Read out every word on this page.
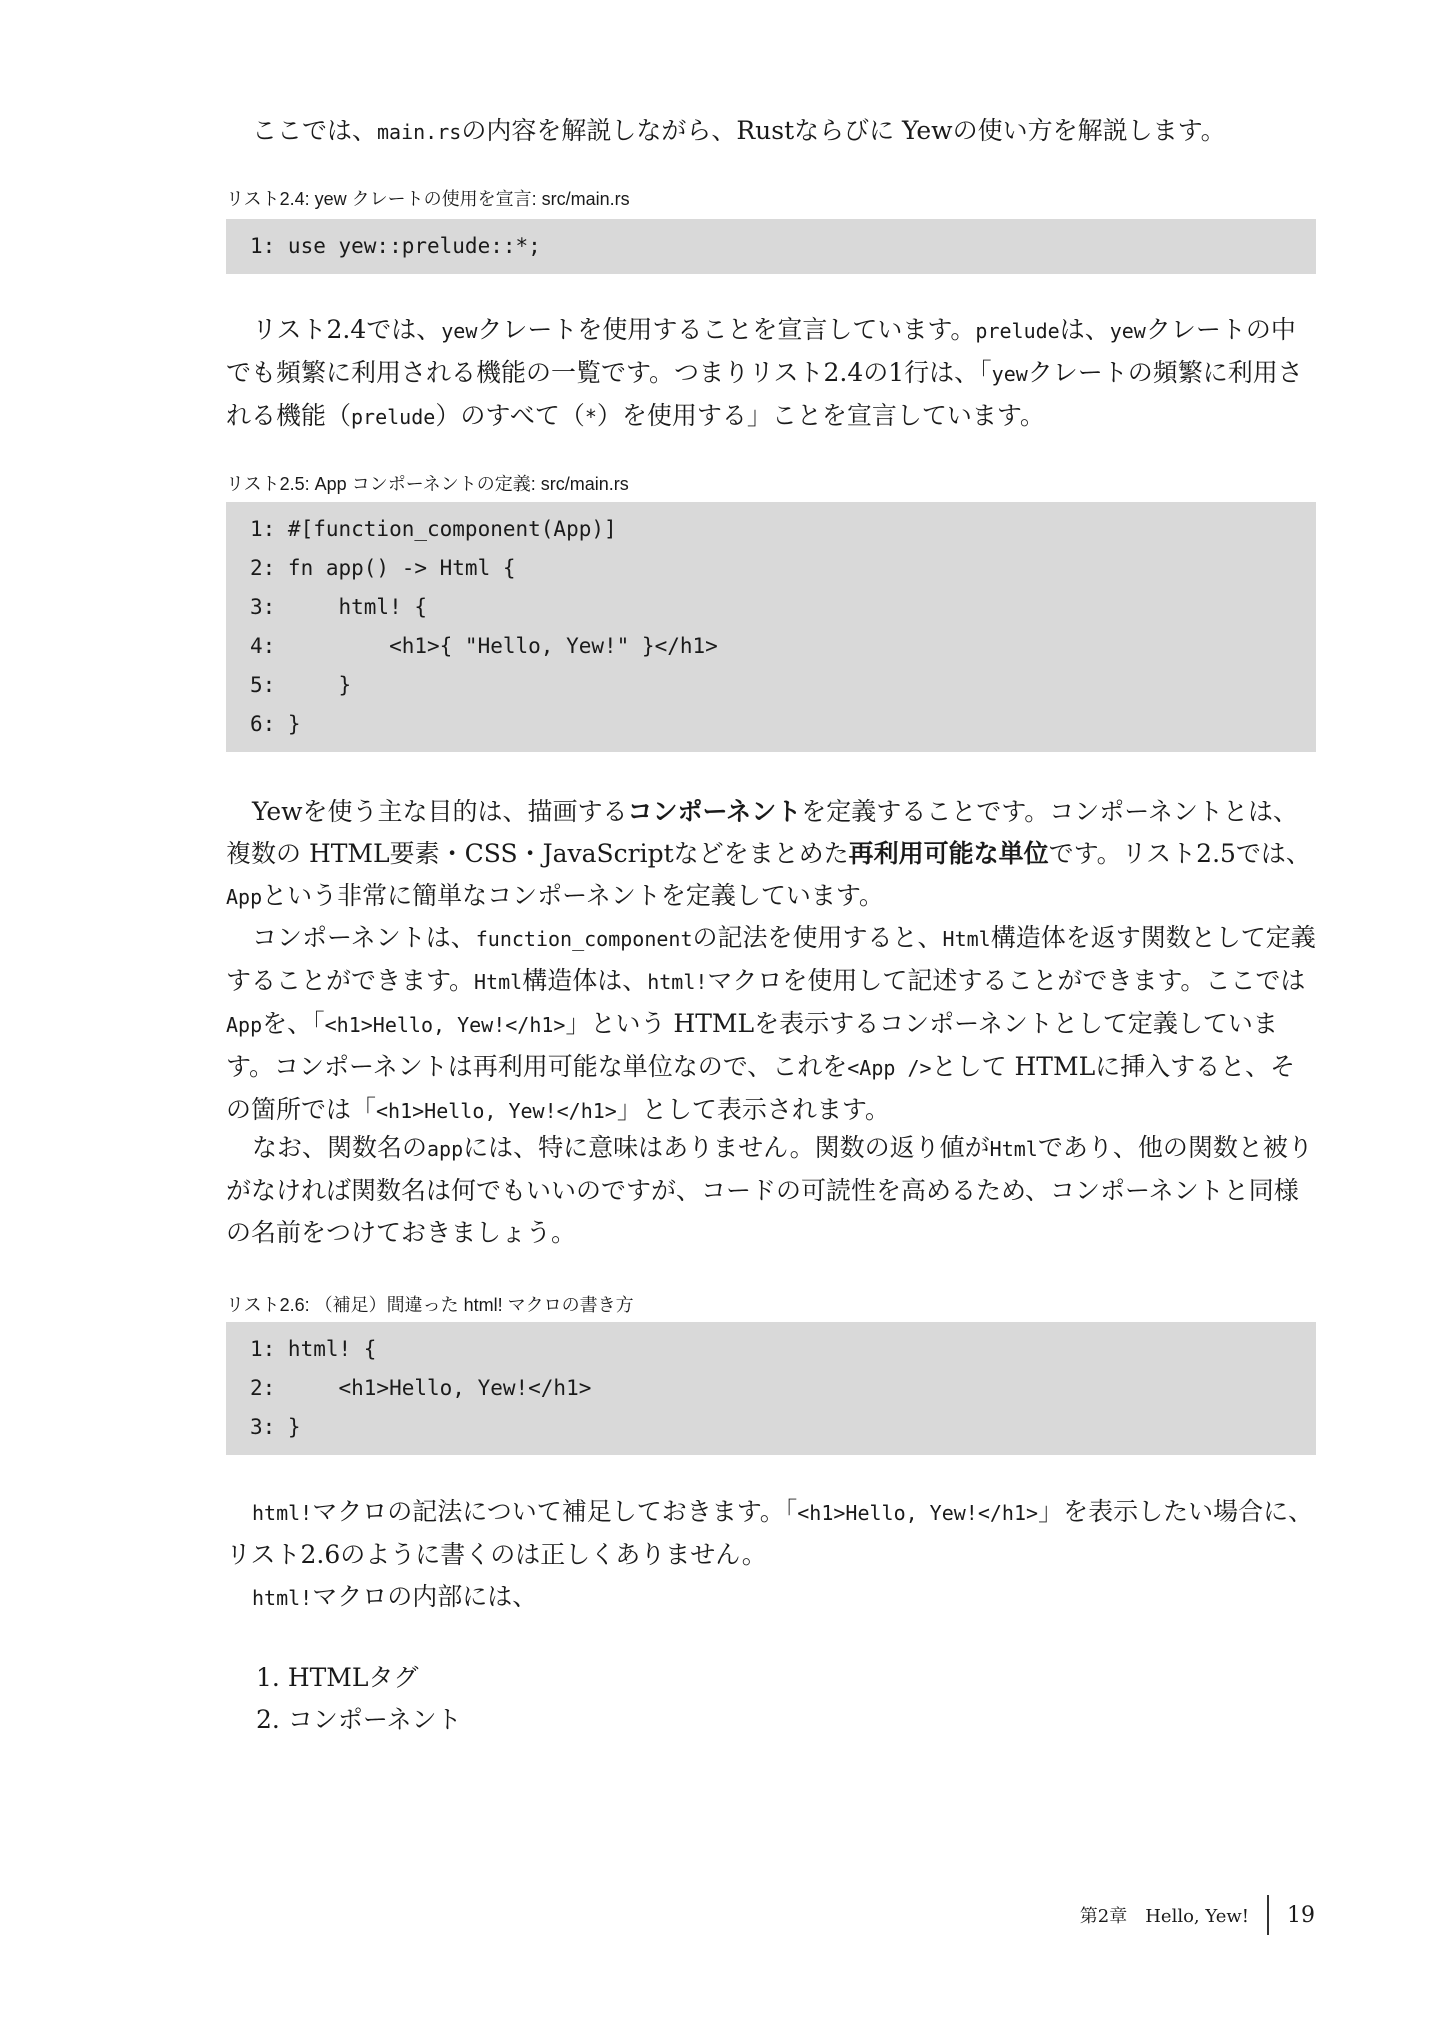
ここでは、main.rsの内容を解説しながら、Rustならびに Yewの使い方を解説します。

リスト2.4: yew クレートの使用を宣言: src/main.rs
1: use yew::prelude::*;

リスト2.4では、yewクレートを使用することを宣言しています。preludeは、yewクレートの中でも頻繁に利用される機能の一覧です。つまりリスト2.4の1行は、「yewクレートの頻繁に利用される機能（prelude）のすべて（*）を使用する」ことを宣言しています。

リスト2.5: App コンポーネントの定義: src/main.rs
1: #[function_component(App)]
2: fn app() -> Html {
3:     html! {
4:         <h1>{ "Hello, Yew!" }</h1>
5:     }
6: }

Yewを使う主な目的は、描画するコンポーネントを定義することです。コンポーネントとは、複数の HTML要素・CSS・JavaScriptなどをまとめた再利用可能な単位です。リスト2.5では、Appという非常に簡単なコンポーネントを定義しています。

コンポーネントは、function_componentの記法を使用すると、Html構造体を返す関数として定義することができます。Html構造体は、html!マクロを使用して記述することができます。ここではAppを、「<h1>Hello, Yew!</h1>」という HTMLを表示するコンポーネントとして定義しています。コンポーネントは再利用可能な単位なので、これを<App />として HTMLに挿入すると、その箇所では「<h1>Hello, Yew!</h1>」として表示されます。

なお、関数名のappには、特に意味はありません。関数の返り値がHtmlであり、他の関数と被りがなければ関数名は何でもいいのですが、コードの可読性を高めるため、コンポーネントと同様の名前をつけておきましょう。

リスト2.6: （補足）間違った html! マクロの書き方
1: html! {
2:     <h1>Hello, Yew!</h1>
3: }

html!マクロの記法について補足しておきます。「<h1>Hello, Yew!</h1>」を表示したい場合に、リスト2.6のように書くのは正しくありません。

html!マクロの内部には、

1. HTMLタグ
2. コンポーネント
第2章　Hello, Yew! 19
